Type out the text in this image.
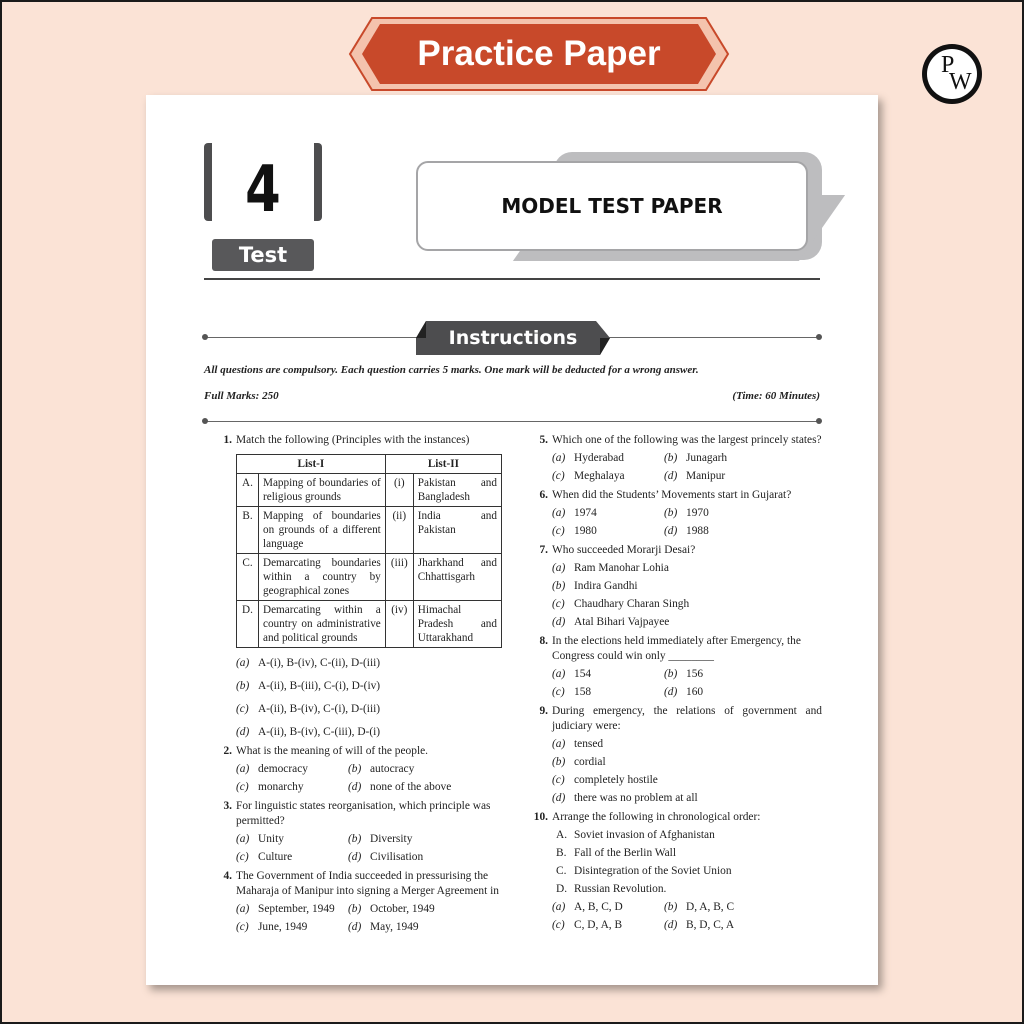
Practice Paper	P
W
4
Test
MODEL TEST PAPER
Instructions
All questions are compulsory. Each question carries 5 marks. One mark will be deducted for a wrong answer.
Full Marks: 250	(Time: 60 Minutes)
1. Match the following (Principles with the instances)
List-I		List-II	
A.	Mapping of boundaries of religious grounds	(i)	Pakistan and Bangladesh
B.	Mapping of boundaries on grounds of a different language	(ii)	India and Pakistan
C.	Demarcating boundaries within a country by geographical zones	(iii)	Jharkhand and Chhattisgarh
D.	Demarcating within a country on administrative and political grounds	(iv)	Himachal Pradesh and Uttarakhand
(a) A-(i), B-(iv), C-(ii), D-(iii)
(b) A-(ii), B-(iii), C-(i), D-(iv)
(c) A-(ii), B-(iv), C-(i), D-(iii)
(d) A-(ii), B-(iv), C-(iii), D-(i)
2. What is the meaning of will of the people.
(a) democracy	(b) autocracy
(c) monarchy	(d) none of the above
3. For linguistic states reorganisation, which principle was permitted?
(a) Unity	(b) Diversity
(c) Culture	(d) Civilisation
4. The Government of India succeeded in pressurising the Maharaja of Manipur into signing a Merger Agreement in
(a) September, 1949	(b) October, 1949
(c) June, 1949	(d) May, 1949
5. Which one of the following was the largest princely states?
(a) Hyderabad	(b) Junagarh
(c) Meghalaya	(d) Manipur
6. When did the Students’ Movements start in Gujarat?
(a) 1974	(b) 1970
(c) 1980	(d) 1988
7. Who succeeded Morarji Desai?
(a) Ram Manohar Lohia
(b) Indira Gandhi
(c) Chaudhary Charan Singh
(d) Atal Bihari Vajpayee
8. In the elections held immediately after Emergency, the Congress could win only ________
(a) 154	(b) 156
(c) 158	(d) 160
9. During emergency, the relations of government and judiciary were:
(a) tensed
(b) cordial
(c) completely hostile
(d) there was no problem at all
10. Arrange the following in chronological order:
A. Soviet invasion of Afghanistan
B. Fall of the Berlin Wall
C. Disintegration of the Soviet Union
D. Russian Revolution.
(a) A, B, C, D	(b) D, A, B, C
(c) C, D, A, B	(d) B, D, C, A
